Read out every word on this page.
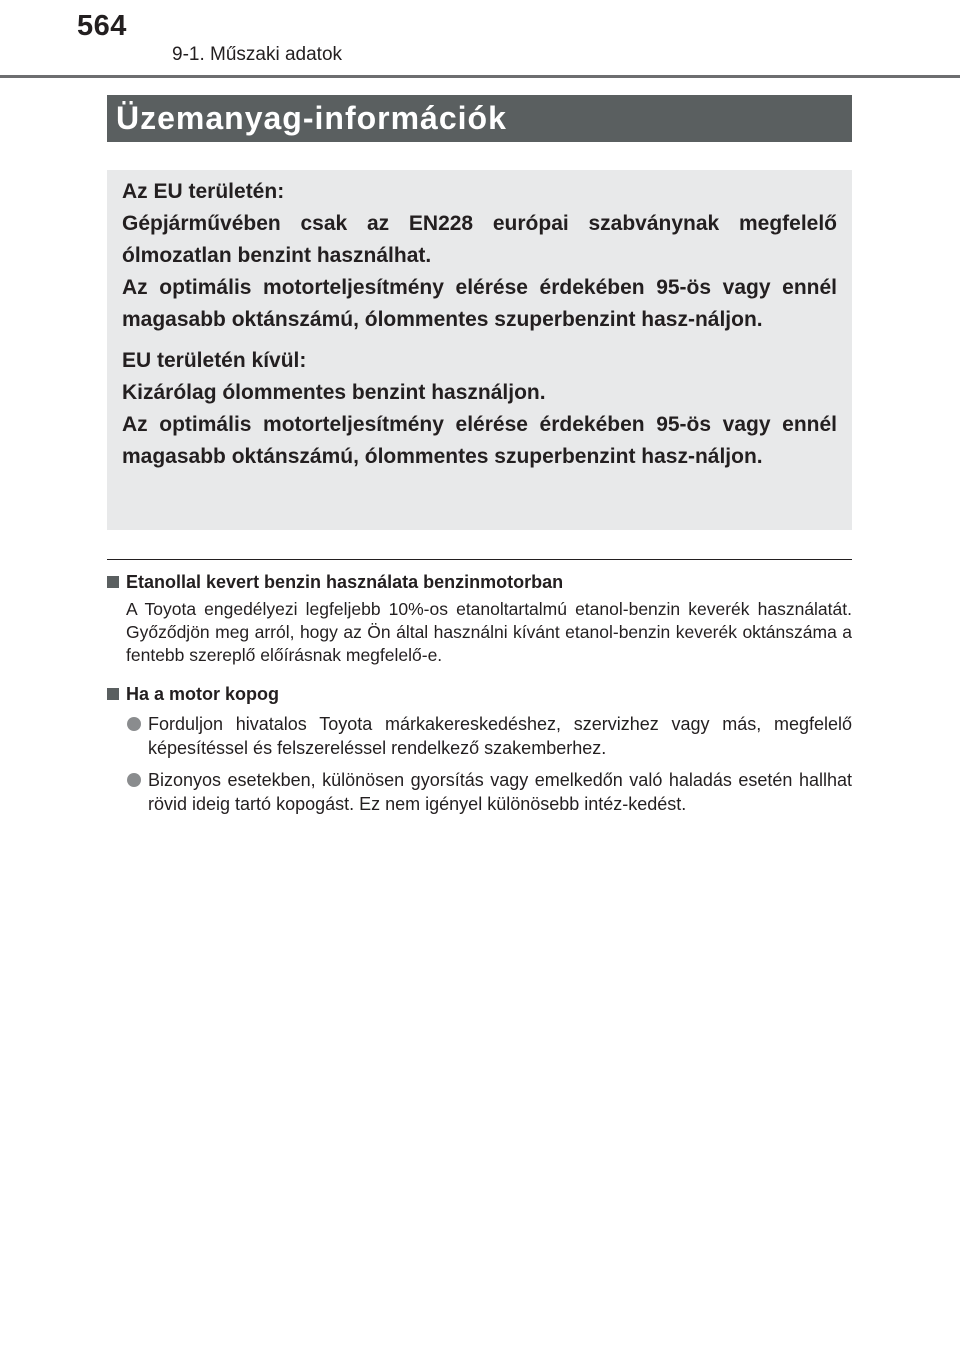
564
9-1. Műszaki adatok
Üzemanyag-információk

Az EU területén:

Gépjárművében csak az EN228 európai szabványnak megfelelő ólmozatlan benzint használhat.

Az optimális motorteljesítmény elérése érdekében 95-ös vagy ennél magasabb oktánszámú, ólommentes szuperbenzint hasz-náljon.

EU területén kívül:

Kizárólag ólommentes benzint használjon.

Az optimális motorteljesítmény elérése érdekében 95-ös vagy ennél magasabb oktánszámú, ólommentes szuperbenzint hasz-náljon.

Etanollal kevert benzin használata benzinmotorban

A Toyota engedélyezi legfeljebb 10%-os etanoltartalmú etanol-benzin keverék használatát. Győződjön meg arról, hogy az Ön által használni kívánt etanol-benzin keverék oktánszáma a fentebb szereplő előírásnak megfelelő-e.

Ha a motor kopog
Forduljon hivatalos Toyota márkakereskedéshez, szervizhez vagy más, megfelelő képesítéssel és felszereléssel rendelkező szakemberhez.
Bizonyos esetekben, különösen gyorsítás vagy emelkedőn való haladás esetén hallhat rövid ideig tartó kopogást. Ez nem igényel különösebb intéz-kedést.
